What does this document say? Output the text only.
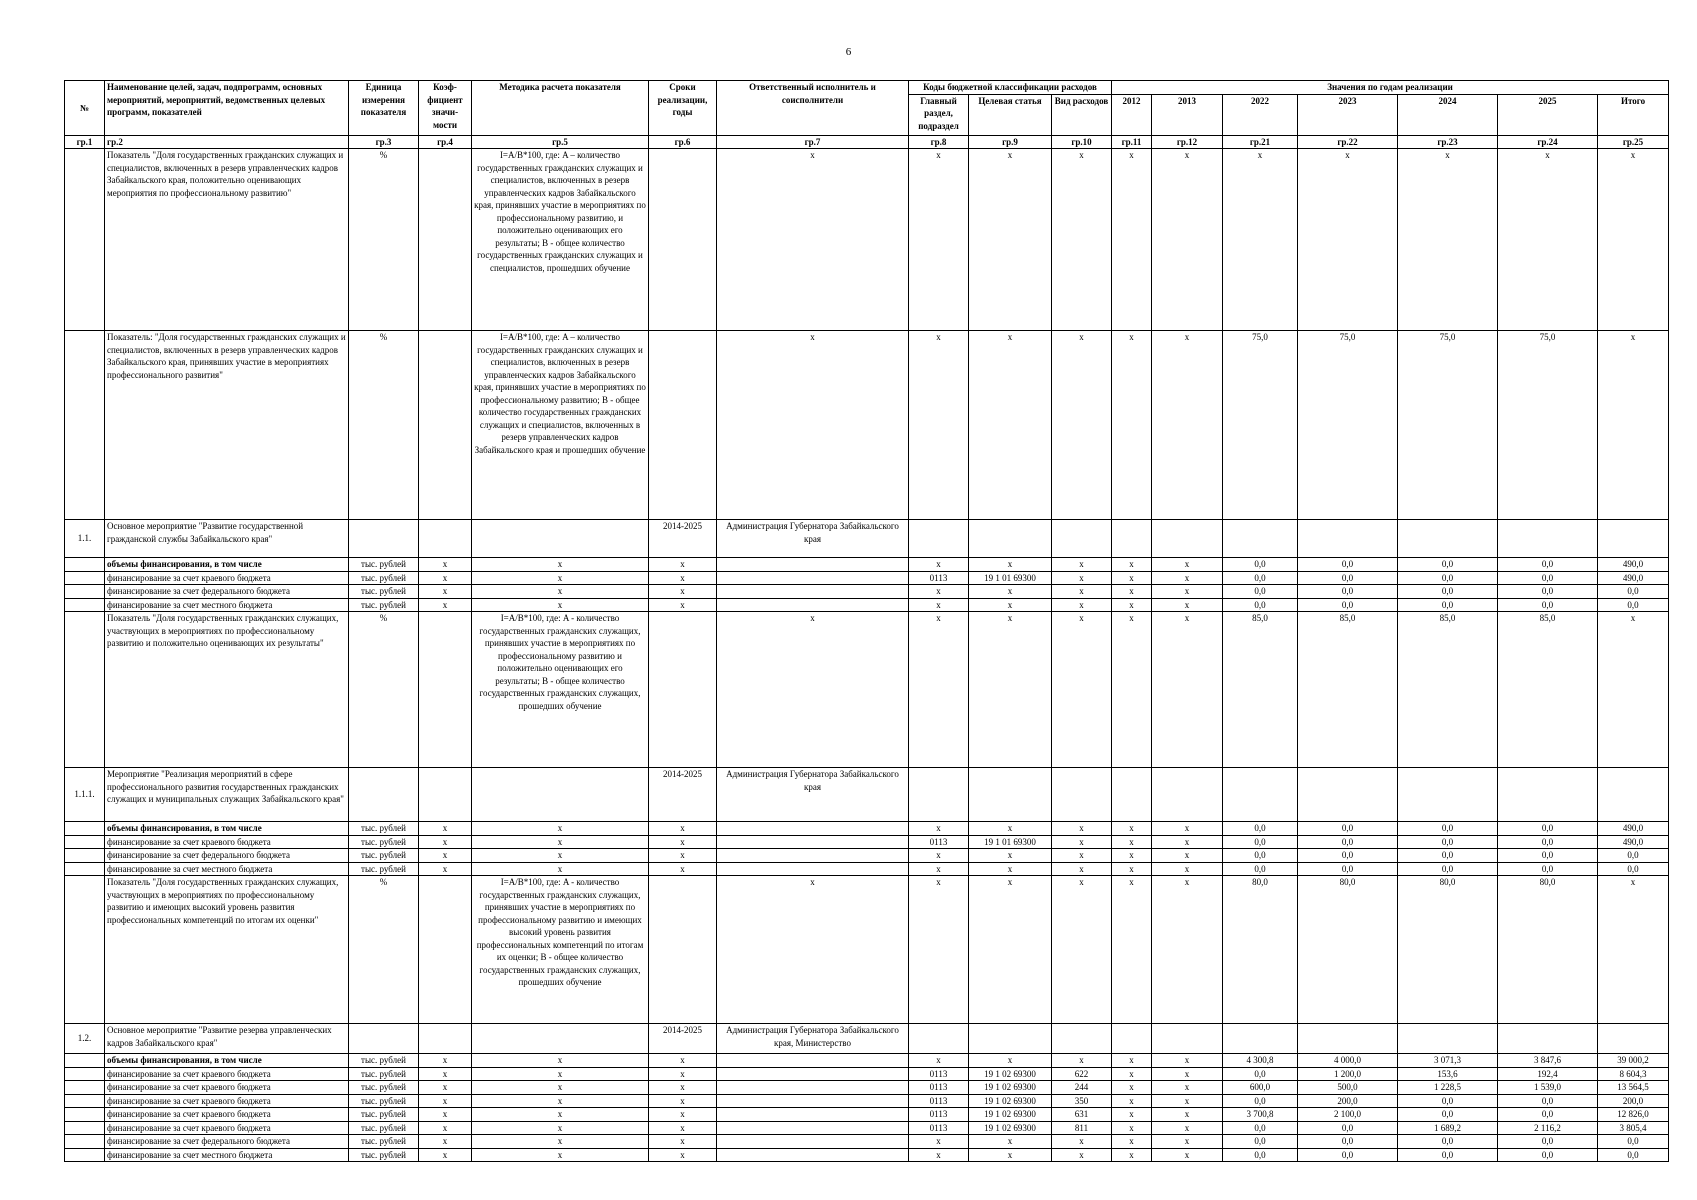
6
№	Наименование целей, задач, подпрограмм, основных мероприятий, мероприятий, ведомственных целевых программ, показателей	Единица измерения показателя	Коэф-фициент значи-мости	Методика расчета показателя	Сроки реализации, годы	Ответственный исполнитель и соисполнители	Коды бюджетной классификации расходов			Значения по годам реализации						
							Главный раздел, подраздел	Целевая статья	Вид расходов	2012	2013	2022	2023	2024	2025	Итого
гр.1	гр.2	гр.3	гр.4	гр.5	гр.6	гр.7	гр.8	гр.9	гр.10	гр.11	гр.12	гр.21	гр.22	гр.23	гр.24	гр.25
	Показатель "Доля государственных гражданских служащих и специалистов, включенных в резерв управленческих кадров Забайкальского края, положительно оценивающих мероприятия по профессиональному развитию"	%		I=A/B*100, где: A – количество государственных гражданских служащих и специалистов, включенных в резерв управленческих кадров Забайкальского края, принявших участие в мероприятиях по профессиональному развитию, и положительно оценивающих его результаты; B - общее количество государственных гражданских служащих и специалистов, прошедших обучение		x	x	x	x	x	x	x	x	x	x	x
	Показатель: "Доля государственных гражданских служащих и специалистов, включенных в резерв управленческих кадров Забайкальского края, принявших участие в мероприятиях профессионального развития"	%		I=A/B*100, где: A – количество государственных гражданских служащих и специалистов, включенных в резерв управленческих кадров Забайкальского края, принявших участие в мероприятиях по профессиональному развитию; B - общее количество государственных гражданских служащих и специалистов, включенных в резерв управленческих кадров Забайкальского края и прошедших обучение		x	x	x	x	x	x	75,0	75,0	75,0	75,0	x
1.1.	Основное мероприятие "Развитие государственной гражданской службы Забайкальского края"				2014-2025	Администрация Губернатора Забайкальского края										
	объемы финансирования, в том числе	тыс. рублей	x	x	x		x	x	x	x	x	0,0	0,0	0,0	0,0	490,0
	финансирование за счет краевого бюджета	тыс. рублей	x	x	x		0113	19 1 01 69300	x	x	x	0,0	0,0	0,0	0,0	490,0
	финансирование за счет федерального бюджета	тыс. рублей	x	x	x		x	x	x	x	x	0,0	0,0	0,0	0,0	0,0
	финансирование за счет местного бюджета	тыс. рублей	x	x	x		x	x	x	x	x	0,0	0,0	0,0	0,0	0,0
	Показатель "Доля государственных гражданских служащих, участвующих в мероприятиях по профессиональному развитию и положительно оценивающих их результаты"	%		I=A/B*100, где: A - количество государственных гражданских служащих, принявших участие в мероприятиях по профессиональному развитию и положительно оценивающих его результаты; B - общее количество государственных гражданских служащих, прошедших обучение		x	x	x	x	x	x	85,0	85,0	85,0	85,0	x
1.1.1.	Мероприятие "Реализация мероприятий в сфере профессионального развития государственных гражданских служащих и муниципальных служащих Забайкальского края"				2014-2025	Администрация Губернатора Забайкальского края										
	объемы финансирования, в том числе	тыс. рублей	x	x	x		x	x	x	x	x	0,0	0,0	0,0	0,0	490,0
	финансирование за счет краевого бюджета	тыс. рублей	x	x	x		0113	19 1 01 69300	x	x	x	0,0	0,0	0,0	0,0	490,0
	финансирование за счет федерального бюджета	тыс. рублей	x	x	x		x	x	x	x	x	0,0	0,0	0,0	0,0	0,0
	финансирование за счет местного бюджета	тыс. рублей	x	x	x		x	x	x	x	x	0,0	0,0	0,0	0,0	0,0
	Показатель "Доля государственных гражданских служащих, участвующих в мероприятиях по профессиональному развитию и имеющих высокий уровень развития профессиональных компетенций по итогам их оценки"	%		I=A/B*100, где: A - количество государственных гражданских служащих, принявших участие в мероприятиях по профессиональному развитию и имеющих высокий уровень развития профессиональных компетенций по итогам их оценки; B - общее количество государственных гражданских служащих, прошедших обучение		x	x	x	x	x	x	80,0	80,0	80,0	80,0	x
1.2.	Основное мероприятие "Развитие резерва управленческих кадров Забайкальского края"				2014-2025	Администрация Губернатора Забайкальского края, Министерство										
	объемы финансирования, в том числе	тыс. рублей	x	x	x		x	x	x	x	x	4 300,8	4 000,0	3 071,3	3 847,6	39 000,2
	финансирование за счет краевого бюджета	тыс. рублей	x	x	x		0113	19 1 02 69300	622	x	x	0,0	1 200,0	153,6	192,4	8 604,3
	финансирование за счет краевого бюджета	тыс. рублей	x	x	x		0113	19 1 02 69300	244	x	x	600,0	500,0	1 228,5	1 539,0	13 564,5
	финансирование за счет краевого бюджета	тыс. рублей	x	x	x		0113	19 1 02 69300	350	x	x	0,0	200,0	0,0	0,0	200,0
	финансирование за счет краевого бюджета	тыс. рублей	x	x	x		0113	19 1 02 69300	631	x	x	3 700,8	2 100,0	0,0	0,0	12 826,0
	финансирование за счет краевого бюджета	тыс. рублей	x	x	x		0113	19 1 02 69300	811	x	x	0,0	0,0	1 689,2	2 116,2	3 805,4
	финансирование за счет федерального бюджета	тыс. рублей	x	x	x		x	x	x	x	x	0,0	0,0	0,0	0,0	0,0
	финансирование за счет местного бюджета	тыс. рублей	x	x	x		x	x	x	x	x	0,0	0,0	0,0	0,0	0,0
